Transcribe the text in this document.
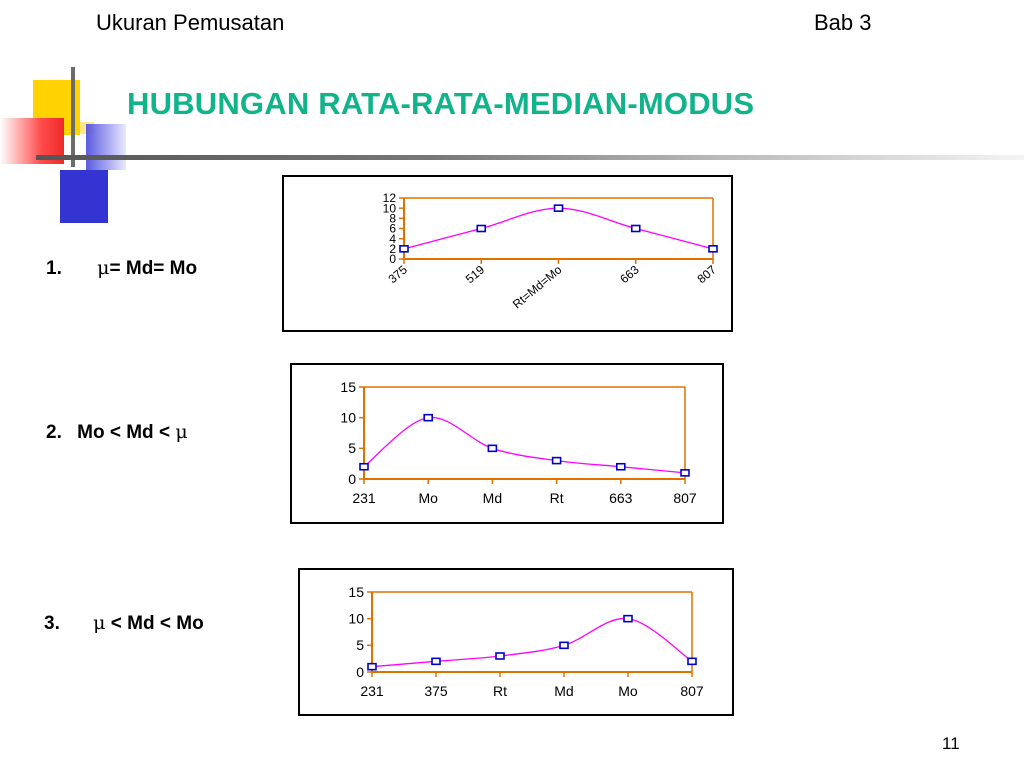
Ukuran Pemusatan	Bab 3
HUBUNGAN RATA-RATA-MEDIAN-MODUS
1. μ= Md= Mo
2. Mo < Md < μ
3. μ < Md < Mo
0
2
4
6
8
10
12
375	519 Rt=Md=Mo	663	807
0
5
10
15
231	Mo	Md	Rt	663	807
0
5
10
15
231	375	Rt	Md	Mo	807
11
